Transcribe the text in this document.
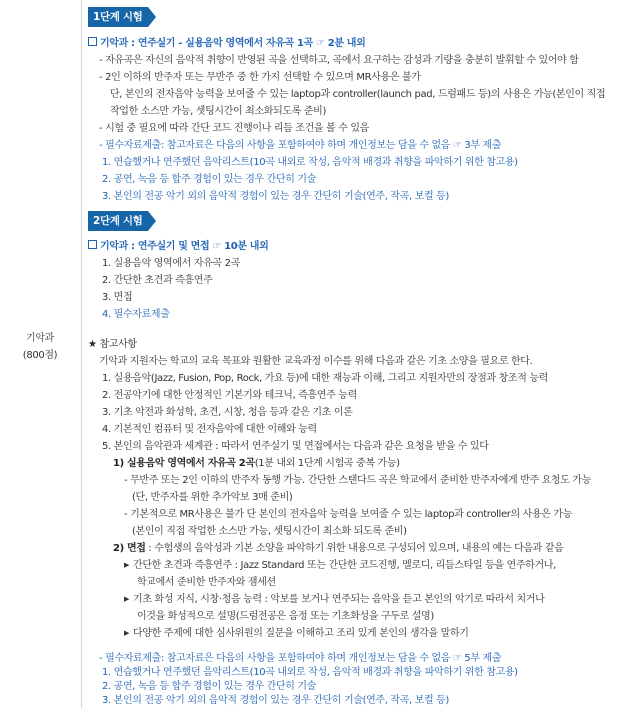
기악과
(800점)
1단계 시험
기악과 : 연주실기 - 실용음악 영역에서 자유곡 1곡 ☞ 2분 내외
- 자유곡은 자신의 음악적 취향이 반영된 곡을 선택하고, 곡에서 요구하는 감성과 기량을 충분히 발휘할 수 있어야 함
- 2인 이하의 반주자 또는 무반주 중 한 가지 선택할 수 있으며 MR사용은 불가
단, 본인의 전자음악 능력을 보여줄 수 있는 laptop과 controller(launch pad, 드럼패드 등)의 사용은 가능(본인이 직접
작업한 소스만 가능, 셋팅시간이 최소화되도록 준비)
- 시험 중 필요에 따라 간단 코드 진행이나 리듬 조건을 볼 수 있음
- 필수자료제출: 참고자료은 다음의 사항을 포함하여야 하며 개인정보는 담을 수 없음 ☞ 3부 제출
1. 연습했거나 연주했던 음악리스트(10곡 내외로 작성, 음악적 배경과 취향을 파악하기 위한 참고용)
2. 공연, 녹음 등 합주 경험이 있는 경우 간단히 기술
3. 본인의 전공 악기 외의 음악적 경험이 있는 경우 간단히 기술(연주, 작곡, 보컬 등)
2단계 시험
기악과 : 연주실기 및 면접 ☞ 10분 내외
1. 실용음악 영역에서 자유곡 2곡
2. 간단한 초견과 즉흥연주
3. 면접
4. 필수자료제출
★ 참고사항
기악과 지원자는 학교의 교육 목표와 원활한 교육과정 이수를 위해 다음과 같은 기초 소양을 필요로 한다.
1. 실용음악(Jazz, Fusion, Pop, Rock, 가요 등)에 대한 재능과 이해, 그리고 지원자만의 장점과 창조적 능력
2. 전공악기에 대한 안정적인 기본기와 테크닉, 즉흥연주 능력
3. 기초 악전과 화성학, 초견, 시창, 청음 등과 같은 기초 이론
4. 기본적인 컴퓨터 및 전자음악에 대한 이해와 능력
5. 본인의 음악관과 세계관 : 따라서 연주실기 및 면접에서는 다음과 같은 요청을 받을 수 있다
1) 실용음악 영역에서 자유곡 2곡(1분 내외 1단계 시험곡 중복 가능)
- 무반주 또는 2인 이하의 반주자 동행 가능. 간단한 스탠다드 곡은 학교에서 준비한 반주자에게 반주 요청도 가능
(단, 반주자를 위한 추가악보 3매 준비)
- 기본적으로 MR사용은 불가 단 본인의 전자음악 능력을 보여줄 수 있는 laptop과 controller의 사용은 가능
(본인이 직접 작업한 소스만 가능, 셋팅시간이 최소화 되도록 준비)
2) 면접 : 수험생의 음악성과 기본 소양을 파악하기 위한 내용으로 구성되어 있으며, 내용의 예는 다음과 같음
▶ 간단한 초견과 즉흥연주 : Jazz Standard 또는 간단한 코드진행, 멜로디, 리듬스타일 등을 연주하거나,
학교에서 준비한 반주자와 잼세션
▶ 기초 화성 지식, 시창·청음 능력 : 악보를 보거나 연주되는 음악을 듣고 본인의 악기로 따라서 치거나
이것을 화성적으로 설명(드럼전공은 음정 또는 기초화성을 구두로 설명)
▶ 다양한 주제에 대한 심사위원의 질문을 이해하고 조리 있게 본인의 생각을 말하기
- 필수자료제출: 참고자료은 다음의 사항을 포함하여야 하며 개인정보는 담을 수 없음 ☞ 5부 제출
1. 연습했거나 연주했던 음악리스트(10곡 내외로 작성, 음악적 배경과 취향을 파악하기 위한 참고용)
2. 공연, 녹음 등 합주 경험이 있는 경우 간단히 기술
3. 본인의 전공 악기 외의 음악적 경험이 있는 경우 간단히 기술(연주, 작곡, 보컬 등)
